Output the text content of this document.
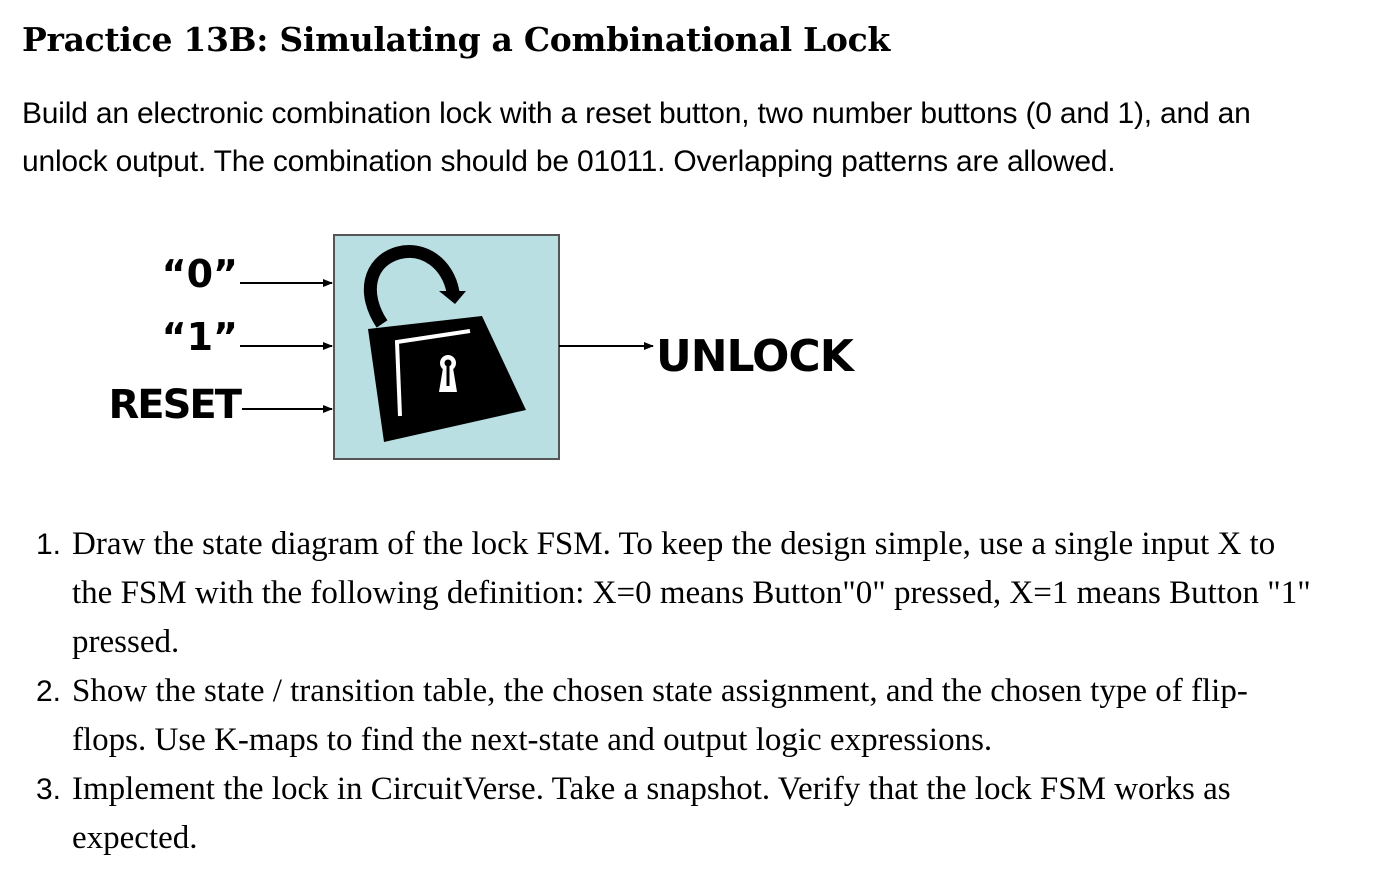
Practice 13B: Simulating a Combinational Lock

Build an electronic combination lock with a reset button, two number buttons (0 and 1), and an
unlock output. The combination should be 01011. Overlapping patterns are allowed.

“0”
“1”
RESET
UNLOCK
1. Draw the state diagram of the lock FSM. To keep the design simple, use a single input X to
the FSM with the following definition: X=0 means Button"0" pressed, X=1 means Button "1"
pressed.
2. Show the state / transition table, the chosen state assignment, and the chosen type of flip-
flops. Use K-maps to find the next-state and output logic expressions.
3. Implement the lock in CircuitVerse. Take a snapshot. Verify that the lock FSM works as
expected.
